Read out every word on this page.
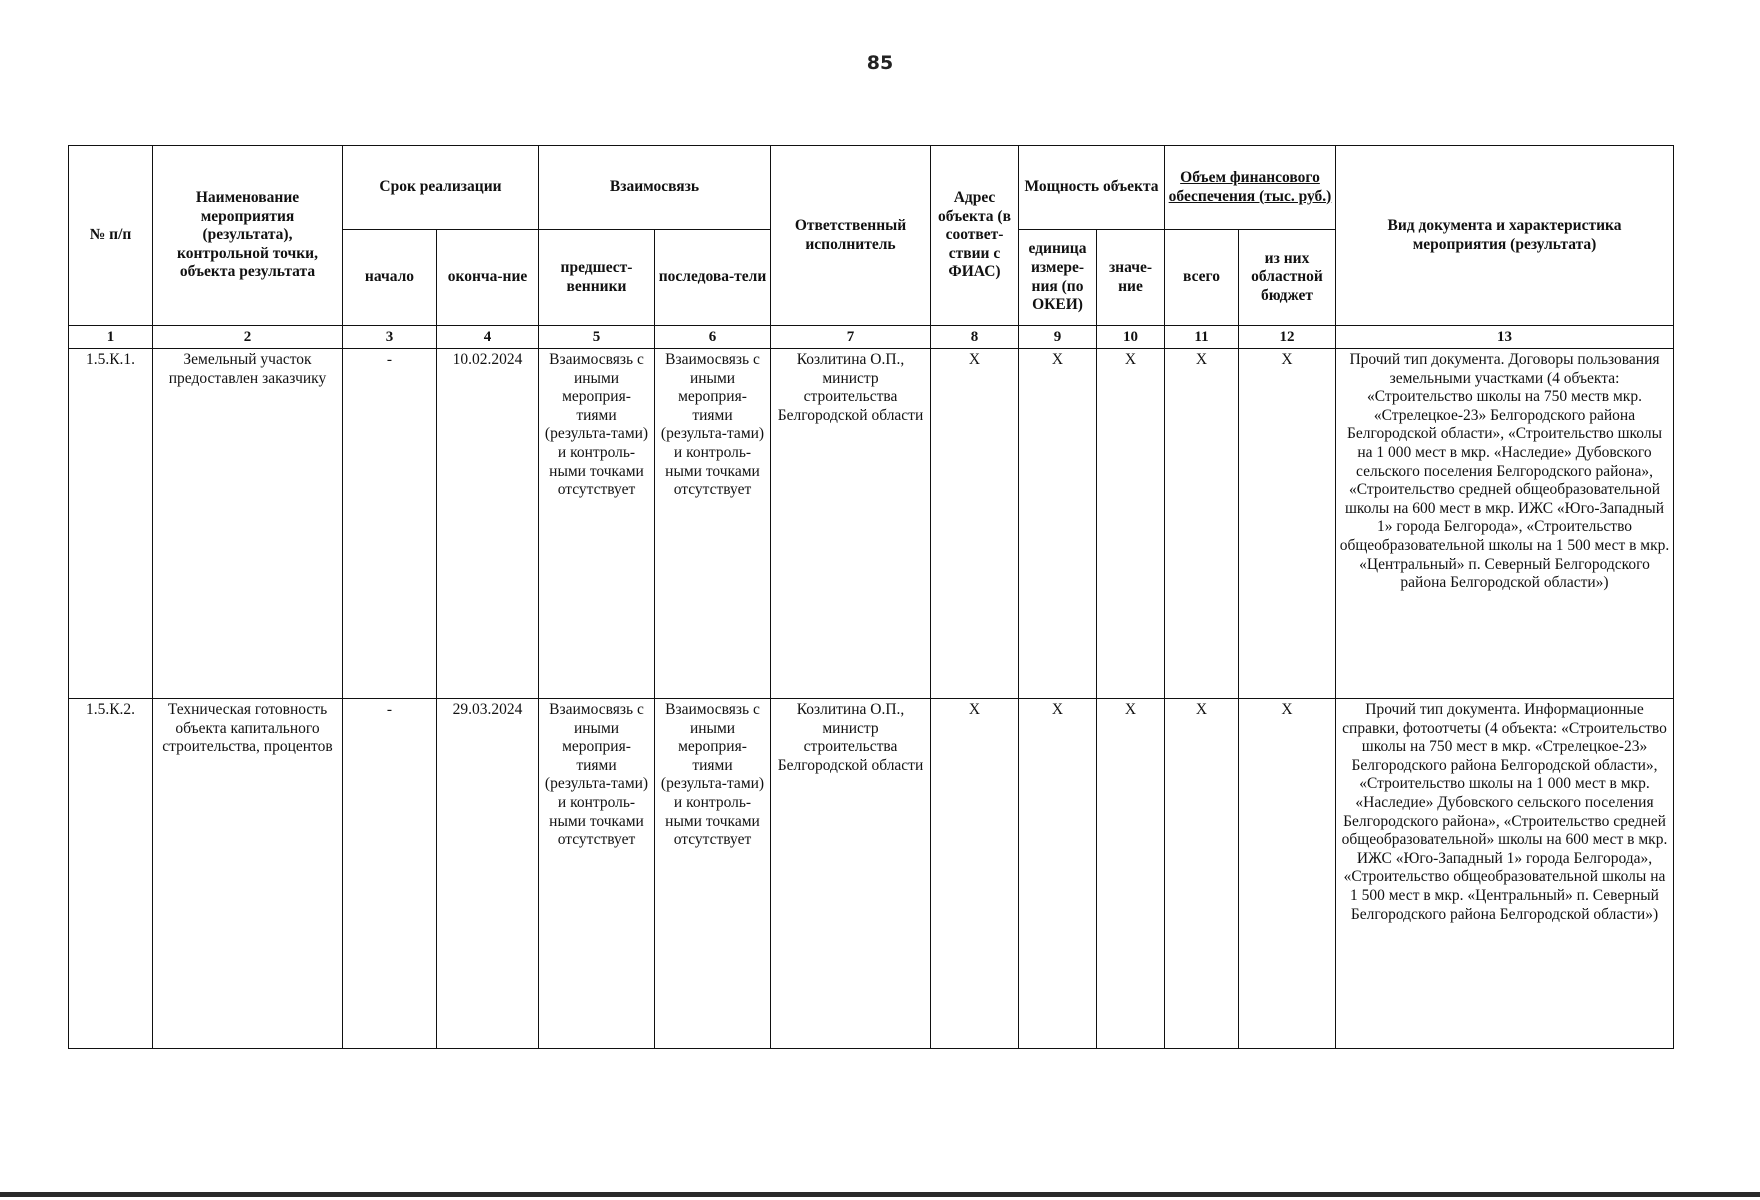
85
№ п/п	Наименование мероприятия (результата), контрольной точки, объекта результата	Срок реализации		Взаимосвязь		Ответственный исполнитель	Адрес объекта (в соответ-ствии с ФИАС)	Мощность объекта		Объем финансового обеспечения (тыс. руб.)		Вид документа и характеристика мероприятия (результата)
		начало	оконча-ние	предшест-венники	последова-тели			единица измере-ния (по ОКЕИ)	значе-ние	всего	из них областной бюджет	
1	2	3	4	5	6	7	8	9	10	11	12	13
1.5.К.1.	Земельный участок предоставлен заказчику	-	10.02.2024	Взаимосвязь с иными мероприя-тиями (результа-тами) и контроль-ными точками отсутствует	Взаимосвязь с иными мероприя-тиями (результа-тами) и контроль-ными точками отсутствует	Козлитина О.П., министр строительства Белгородской области	X	X	X	X	X	Прочий тип документа. Договоры пользования земельными участками (4 объекта: «Строительство школы на 750 меств мкр. «Стрелецкое-23» Белгородского района Белгородской области», «Строительство школы на 1 000 мест в мкр. «Наследие» Дубовского сельского поселения Белгородского района», «Строительство средней общеобразовательной школы на 600 мест в мкр. ИЖС «Юго-Западный 1» города Белгорода», «Строительство общеобразовательной школы на 1 500 мест в мкр. «Центральный» п. Северный Белгородского района Белгородской области»)
1.5.К.2.	Техническая готовность объекта капитального строительства, процентов	-	29.03.2024	Взаимосвязь с иными мероприя-тиями (результа-тами) и контроль-ными точками отсутствует	Взаимосвязь с иными мероприя-тиями (результа-тами) и контроль-ными точками отсутствует	Козлитина О.П., министр строительства Белгородской области	X	X	X	X	X	Прочий тип документа. Информационные справки, фотоотчеты (4 объекта: «Строительство школы на 750 мест в мкр. «Стрелецкое-23» Белгородского района Белгородской области», «Строительство школы на 1 000 мест в мкр. «Наследие» Дубовского сельского поселения Белгородского района», «Строительство средней общеобразовательной» школы на 600 мест в мкр. ИЖС «Юго-Западный 1» города Белгорода», «Строительство общеобразовательной школы на 1 500 мест в мкр. «Центральный» п. Северный Белгородского района Белгородской области»)
